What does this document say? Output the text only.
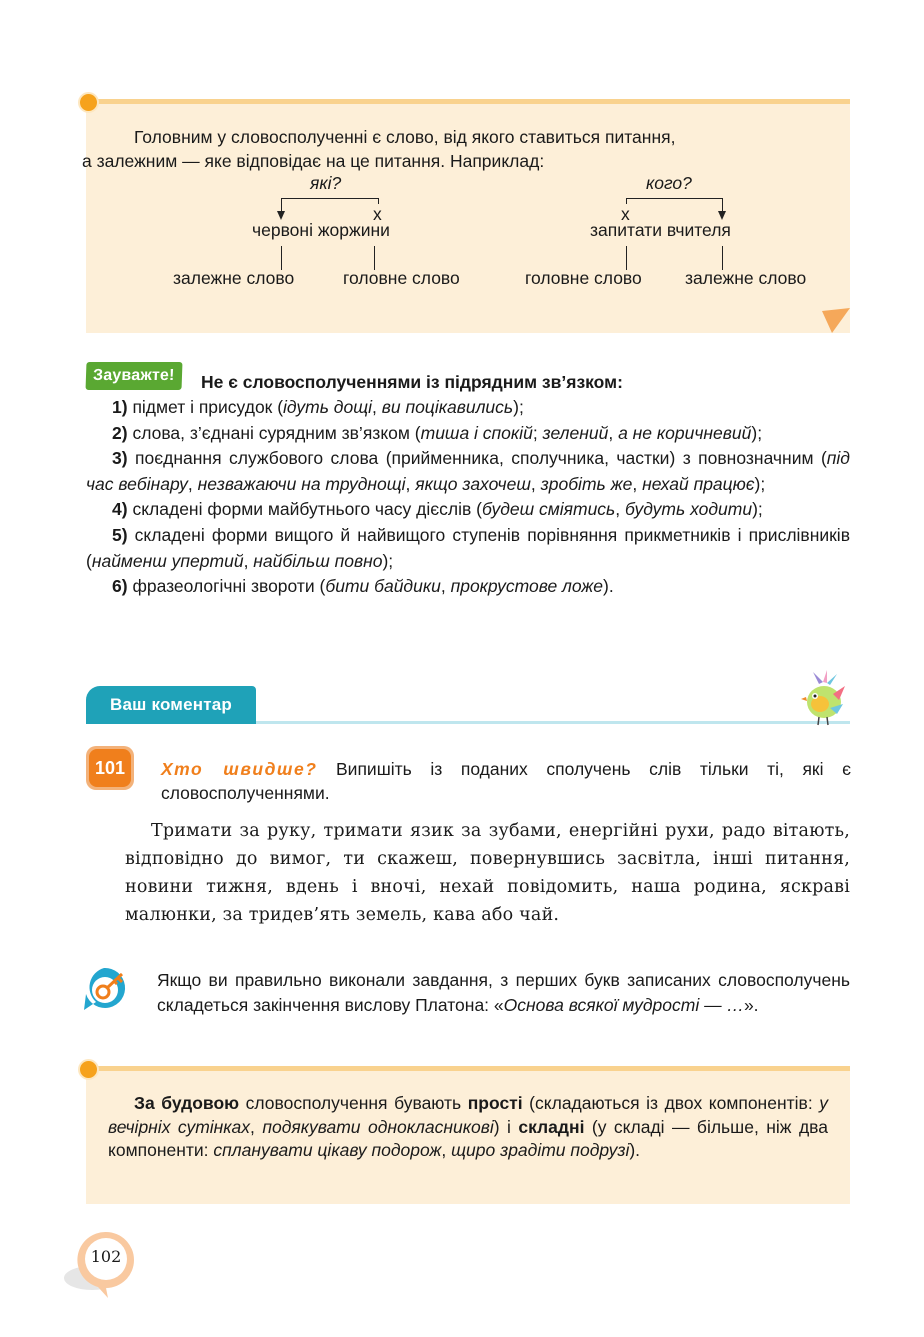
Головним у словосполученні є слово, від якого ставиться питання,
а залежним — яке відповідає на це питання. Наприклад:
які?
х
червоні жоржини
залежне слово	головне слово
кого?
х
запитати вчителя
головне слово залежне слово
Зауважте!	Не є словосполученнями із підрядним зв’язком:
1) підмет і присудок (ідуть дощі, ви поцікавились);
2) слова, з’єднані сурядним зв’язком (тиша і спокій; зелений, а не коричневий);
3) поєднання службового слова (прийменника, сполучника, частки) з повнозначним (під час вебінару, незважаючи на труднощі, якщо захочеш, зробіть же, нехай працює);
4) складені форми майбутнього часу дієслів (будеш сміятись, будуть ходити);
5) складені форми вищого й найвищого ступенів порівняння прикметників і прислівників (найменш упертий, найбільш повно);
6) фразеологічні звороти (бити байдики, прокрустове ложе).
Ваш коментар
101	Хто швидше? Випишіть із поданих сполучень слів тільки ті, які є словосполученнями.
Тримати за руку, тримати язик за зубами, енергійні рухи, радо вітають, відповідно до вимог, ти скажеш, повернувшись засвітла, інші питання, новини тижня, вдень і вночі, нехай повідомить, наша родина, яскраві малюнки, за тридев’ять земель, кава або чай.
Якщо ви правильно виконали завдання, з перших букв записаних словосполучень складеться закінчення вислову Платона: «Основа всякої мудрості — …».
За будовою словосполучення бувають прості (складаються із двох компонентів: у вечірніх сутінках, подякувати однокласникові) і складні (у складі — більше, ніж два компоненти: спланувати цікаву подорож, щиро зрадіти подрузі).
102
